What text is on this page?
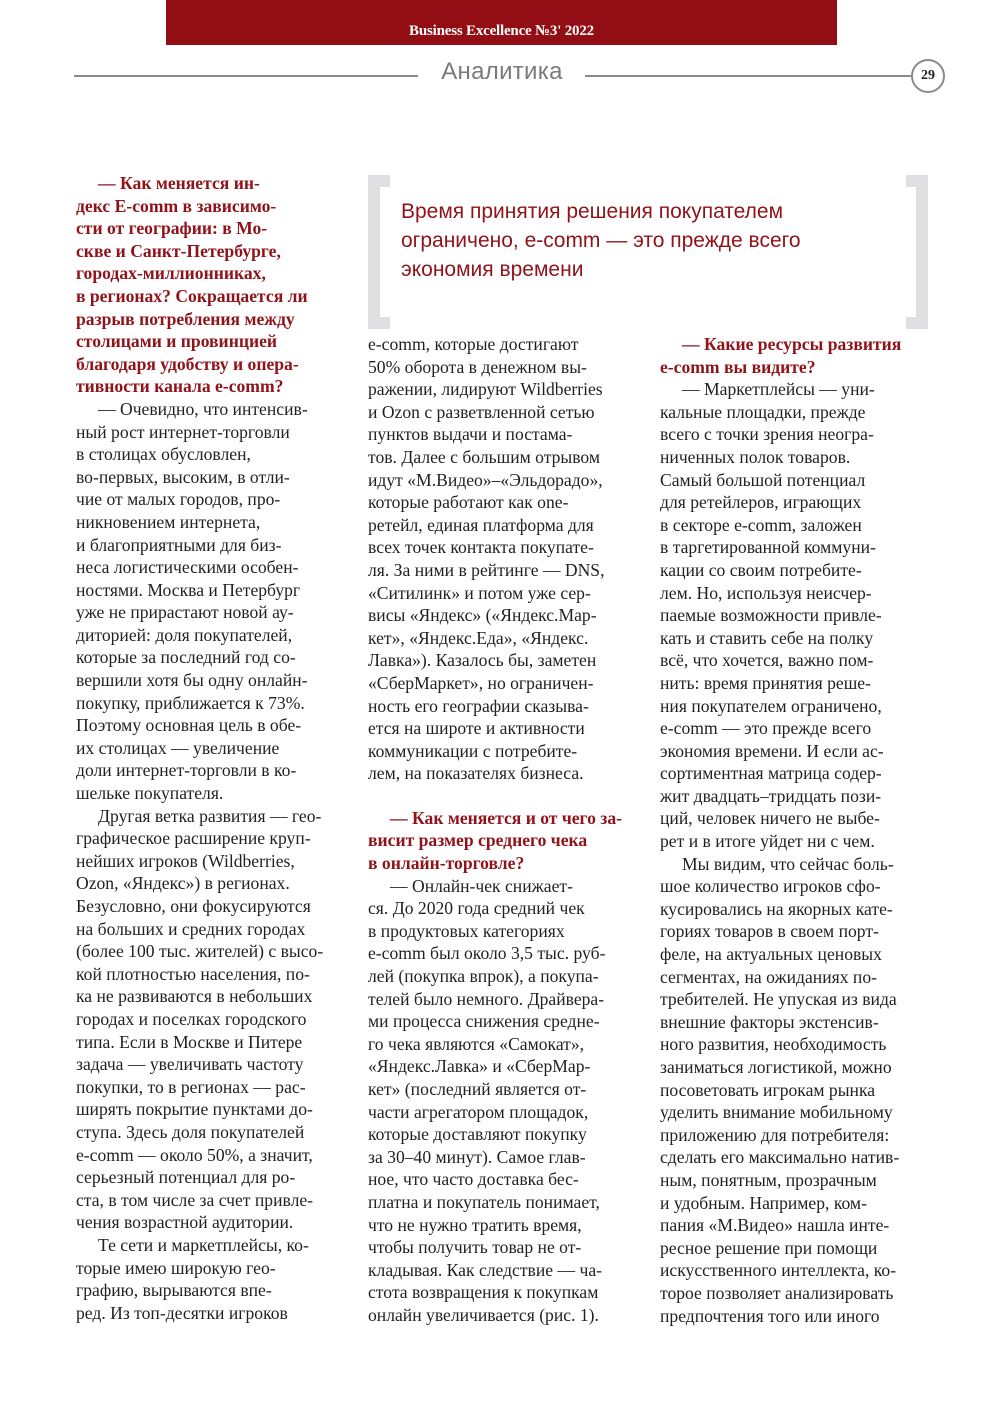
Business Excellence №3' 2022
Аналитика	29
Время принятия решения покупателем
ограничено, e-comm — это прежде всего
экономия времени
— Как меняется ин-
декс E-comm в зависимо-
сти от географии: в Мо-
скве и Санкт-Петербурге,
городах-миллионниках,
в регионах? Сокращается ли
разрыв потребления между
столицами и провинцией
благодаря удобству и опера-
тивности канала e-comm?
— Очевидно, что интенсив-
ный рост интернет-торговли
в столицах обусловлен,
во-первых, высоким, в отли-
чие от малых городов, про-
никновением интернета,
и благоприятными для биз-
неса логистическими особен-
ностями. Москва и Петербург
уже не прирастают новой ау-
диторией: доля покупателей,
которые за последний год со-
вершили хотя бы одну онлайн-
покупку, приближается к 73%.
Поэтому основная цель в обе-
их столицах — увеличение
доли интернет-торговли в ко-
шельке покупателя.
Другая ветка развития — гео-
графическое расширение круп-
нейших игроков (Wildberries,
Ozon, «Яндекс») в регионах.
Безусловно, они фокусируются
на больших и средних городах
(более 100 тыс. жителей) с высо-
кой плотностью населения, по-
ка не развиваются в небольших
городах и поселках городского
типа. Если в Москве и Питере
задача — увеличивать частоту
покупки, то в регионах — рас-
ширять покрытие пунктами до-
ступа. Здесь доля покупателей
e-comm — около 50%, а значит,
серьезный потенциал для ро-
ста, в том числе за счет привле-
чения возрастной аудитории.
Те сети и маркетплейсы, ко-
торые имею широкую гео-
графию, вырываются впе-
ред. Из топ-десятки игроков
e-comm, которые достигают
50% оборота в денежном вы-
ражении, лидируют Wildberries
и Ozon с разветвленной сетью
пунктов выдачи и постама-
тов. Далее с большим отрывом
идут «М.Видео»–«Эльдорадо»,
которые работают как one-
ретейл, единая платформа для
всех точек контакта покупате-
ля. За ними в рейтинге — DNS,
«Ситилинк» и потом уже сер-
висы «Яндекс» («Яндекс.Мар-
кет», «Яндекс.Еда», «Яндекс.
Лавка»). Казалось бы, заметен
«СберМаркет», но ограничен-
ность его географии сказыва-
ется на широте и активности
коммуникации с потребите-
лем, на показателях бизнеса.
— Как меняется и от чего за-
висит размер среднего чека
в онлайн-торговле?
— Онлайн-чек снижает-
ся. До 2020 года средний чек
в продуктовых категориях
e-comm был около 3,5 тыс. руб-
лей (покупка впрок), а покупа-
телей было немного. Драйвера-
ми процесса снижения средне-
го чека являются «Самокат»,
«Яндекс.Лавка» и «СберМар-
кет» (последний является от-
части агрегатором площадок,
которые доставляют покупку
за 30–40 минут). Самое глав-
ное, что часто доставка бес-
платна и покупатель понимает,
что не нужно тратить время,
чтобы получить товар не от-
кладывая. Как следствие — ча-
стота возвращения к покупкам
онлайн увеличивается (рис. 1).
— Какие ресурсы развития
e-comm вы видите?
— Маркетплейсы — уни-
кальные площадки, прежде
всего с точки зрения неогра-
ниченных полок товаров.
Самый большой потенциал
для ретейлеров, играющих
в секторе e-comm, заложен
в таргетированной коммуни-
кации со своим потребите-
лем. Но, используя неисчер-
паемые возможности привле-
кать и ставить себе на полку
всё, что хочется, важно пом-
нить: время принятия реше-
ния покупателем ограничено,
e-comm — это прежде всего
экономия времени. И если ас-
сортиментная матрица содер-
жит двадцать–тридцать пози-
ций, человек ничего не выбе-
рет и в итоге уйдет ни с чем.
Мы видим, что сейчас боль-
шое количество игроков сфо-
кусировались на якорных кате-
гориях товаров в своем порт-
феле, на актуальных ценовых
сегментах, на ожиданиях по-
требителей. Не упуская из вида
внешние факторы экстенсив-
ного развития, необходимость
заниматься логистикой, можно
посоветовать игрокам рынка
уделить внимание мобильному
приложению для потребителя:
сделать его максимально натив-
ным, понятным, прозрачным
и удобным. Например, ком-
пания «М.Видео» нашла инте-
ресное решение при помощи
искусственного интеллекта, ко-
торое позволяет анализировать
предпочтения того или иного
